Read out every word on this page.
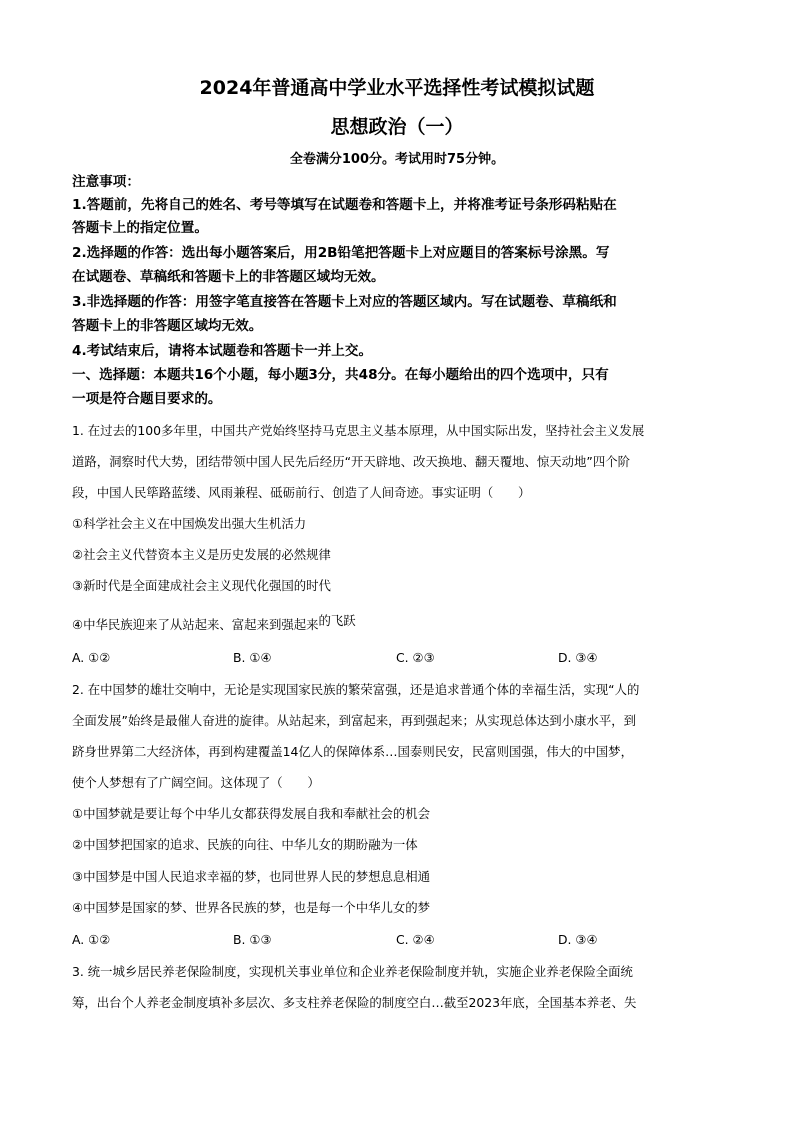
2024年普通高中学业水平选择性考试模拟试题
思想政治（一）
全卷满分100分。考试用时75分钟。
注意事项：
1.答题前，先将自己的姓名、考号等填写在试题卷和答题卡上，并将准考证号条形码粘贴在
答题卡上的指定位置。
2.选择题的作答：选出每小题答案后，用2B铅笔把答题卡上对应题目的答案标号涂黑。写
在试题卷、草稿纸和答题卡上的非答题区域均无效。
3.非选择题的作答：用签字笔直接答在答题卡上对应的答题区域内。写在试题卷、草稿纸和
答题卡上的非答题区域均无效。
4.考试结束后，请将本试题卷和答题卡一并上交。
一、选择题：本题共16个小题，每小题3分，共48分。在每小题给出的四个选项中，只有
一项是符合题目要求的。
1. 在过去的100多年里，中国共产党始终坚持马克思主义基本原理，从中国实际出发，坚持社会主义发展
道路，洞察时代大势，团结带领中国人民先后经历“开天辟地、改天换地、翻天覆地、惊天动地”四个阶
段，中国人民筚路蓝缕、风雨兼程、砥砺前行、创造了人间奇迹。事实证明（　　）
①科学社会主义在中国焕发出强大生机活力
②社会主义代替资本主义是历史发展的必然规律
③新时代是全面建成社会主义现代化强国的时代
④中华民族迎来了从站起来、富起来到强起来的飞跃
A. ①②	B. ①④	C. ②③	D. ③④
2. 在中国梦的雄壮交响中，无论是实现国家民族的繁荣富强，还是追求普通个体的幸福生活，实现“人的
全面发展”始终是最催人奋进的旋律。从站起来，到富起来，再到强起来；从实现总体达到小康水平，到
跻身世界第二大经济体，再到构建覆盖14亿人的保障体系…国泰则民安，民富则国强，伟大的中国梦，
使个人梦想有了广阔空间。这体现了（　　）
①中国梦就是要让每个中华儿女都获得发展自我和奉献社会的机会
②中国梦把国家的追求、民族的向往、中华儿女的期盼融为一体
③中国梦是中国人民追求幸福的梦，也同世界人民的梦想息息相通
④中国梦是国家的梦、世界各民族的梦，也是每一个中华儿女的梦
A. ①②	B. ①③	C. ②④	D. ③④
3. 统一城乡居民养老保险制度，实现机关事业单位和企业养老保险制度并轨，实施企业养老保险全面统
筹，出台个人养老金制度填补多层次、多支柱养老保险的制度空白…截至2023年底，全国基本养老、失
